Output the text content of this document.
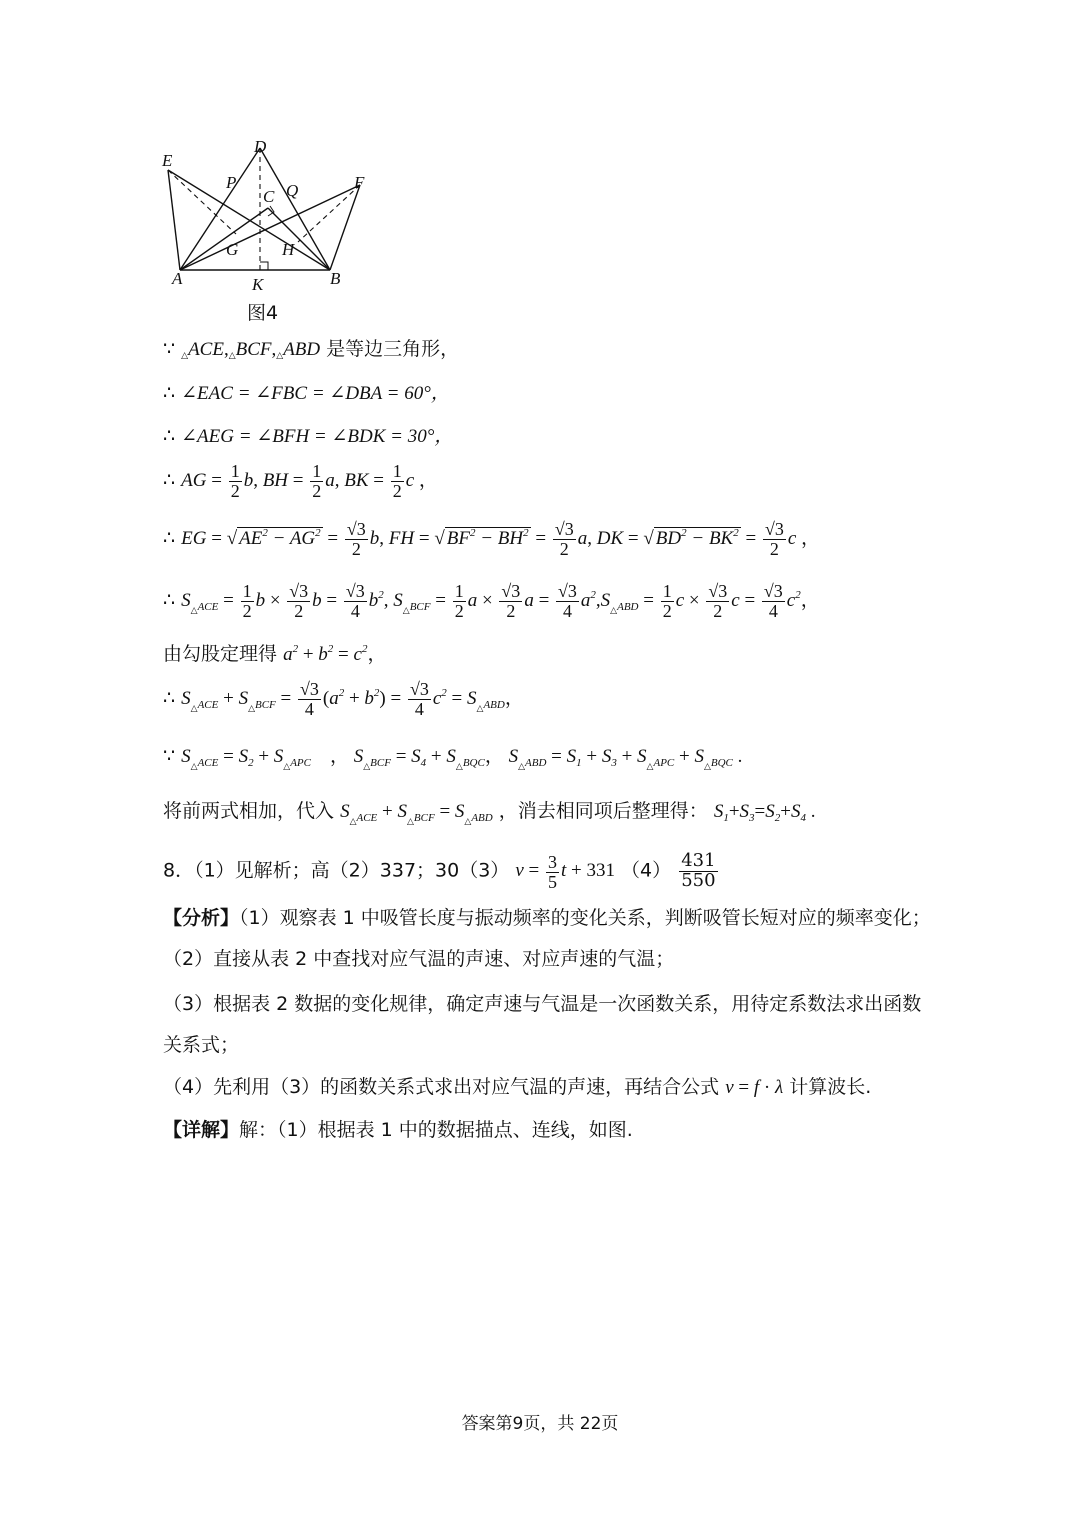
E
D
P
C Q	F
G	H
A	K	B
图4
∵ △ACE,△BCF,△ABD 是等边三角形，
∴ ∠EAC = ∠FBC = ∠DBA = 60°，
∴ ∠AEG = ∠BFH = ∠BDK = 30°，
∴ AG = $\frac{1}{2} b$, BH = $\frac{1}{2} a$, BK = $\frac{1}{2}$ c ，
∴ EG = √ $AE^2 - AG^2 = \frac{√3}{2} b$, FH = √ $BF^2 - BH^2 = \frac{√3}{2} a$, DK = √ $BD^2 - BK^2 = \frac{√3}{2}$ c ，
∴ $S_{_\triangle ACE} = \frac{1}{2}$ $b \times \frac{√3}{2}$ $b = \frac{√3}{4} b^2$, $S_{_\triangle BCF} = \frac{1}{2}$ $a \times \frac{√3}{2}$ $a = \frac{√3}{4} a^2,S_{_\triangle ABD} = \frac{1}{2}$ $c \times \frac{√3}{2}$ $c = \frac{√3}{4} c^2$，
由勾股定理得 $a^2 + b^2 = c^2$，
∴ $S_{_\triangle ACE} + S_{_\triangle BCF} = \frac{√3}{4} (a^2 + b^2) = \frac{√3}{4} c^2 = S_{_\triangle ABD}$，
∵ $S_{_\triangle ACE} = S_2 + S_{_\triangle APC}$ ， $S_{_\triangle BCF} = S_4 + S_{_\triangle BQC}$， $S_{_\triangle ABD} = S_1 + S_3 + S_{_\triangle APC} + S_{_\triangle BQC}$ .
将前两式相加，代入 $S_{_\triangle ACE} + S_{_\triangle BCF} = S_{_\triangle ABD}$ ，消去相同项后整理得： $S_1+S_3=S_2+S_4$ .
8．（1）见解析；高（2）337；30（3） $v = \frac{3}{5}$ t + 331 $(4) \frac{431}{550}$
【分析】（1）观察表 1 中吸管长度与振动频率的变化关系，判断吸管长短对应的频率变化；
（2）直接从表 2 中查找对应气温的声速、对应声速的气温；
（3）根据表 2 数据的变化规律，确定声速与气温是一次函数关系，用待定系数法求出函数
关系式；
（4）先利用（3）的函数关系式求出对应气温的声速，再结合公式 v = f · λ 计算波长.
【详解】解：（1）根据表 1 中的数据描点、连线，如图.
答案第9页，共 22页
